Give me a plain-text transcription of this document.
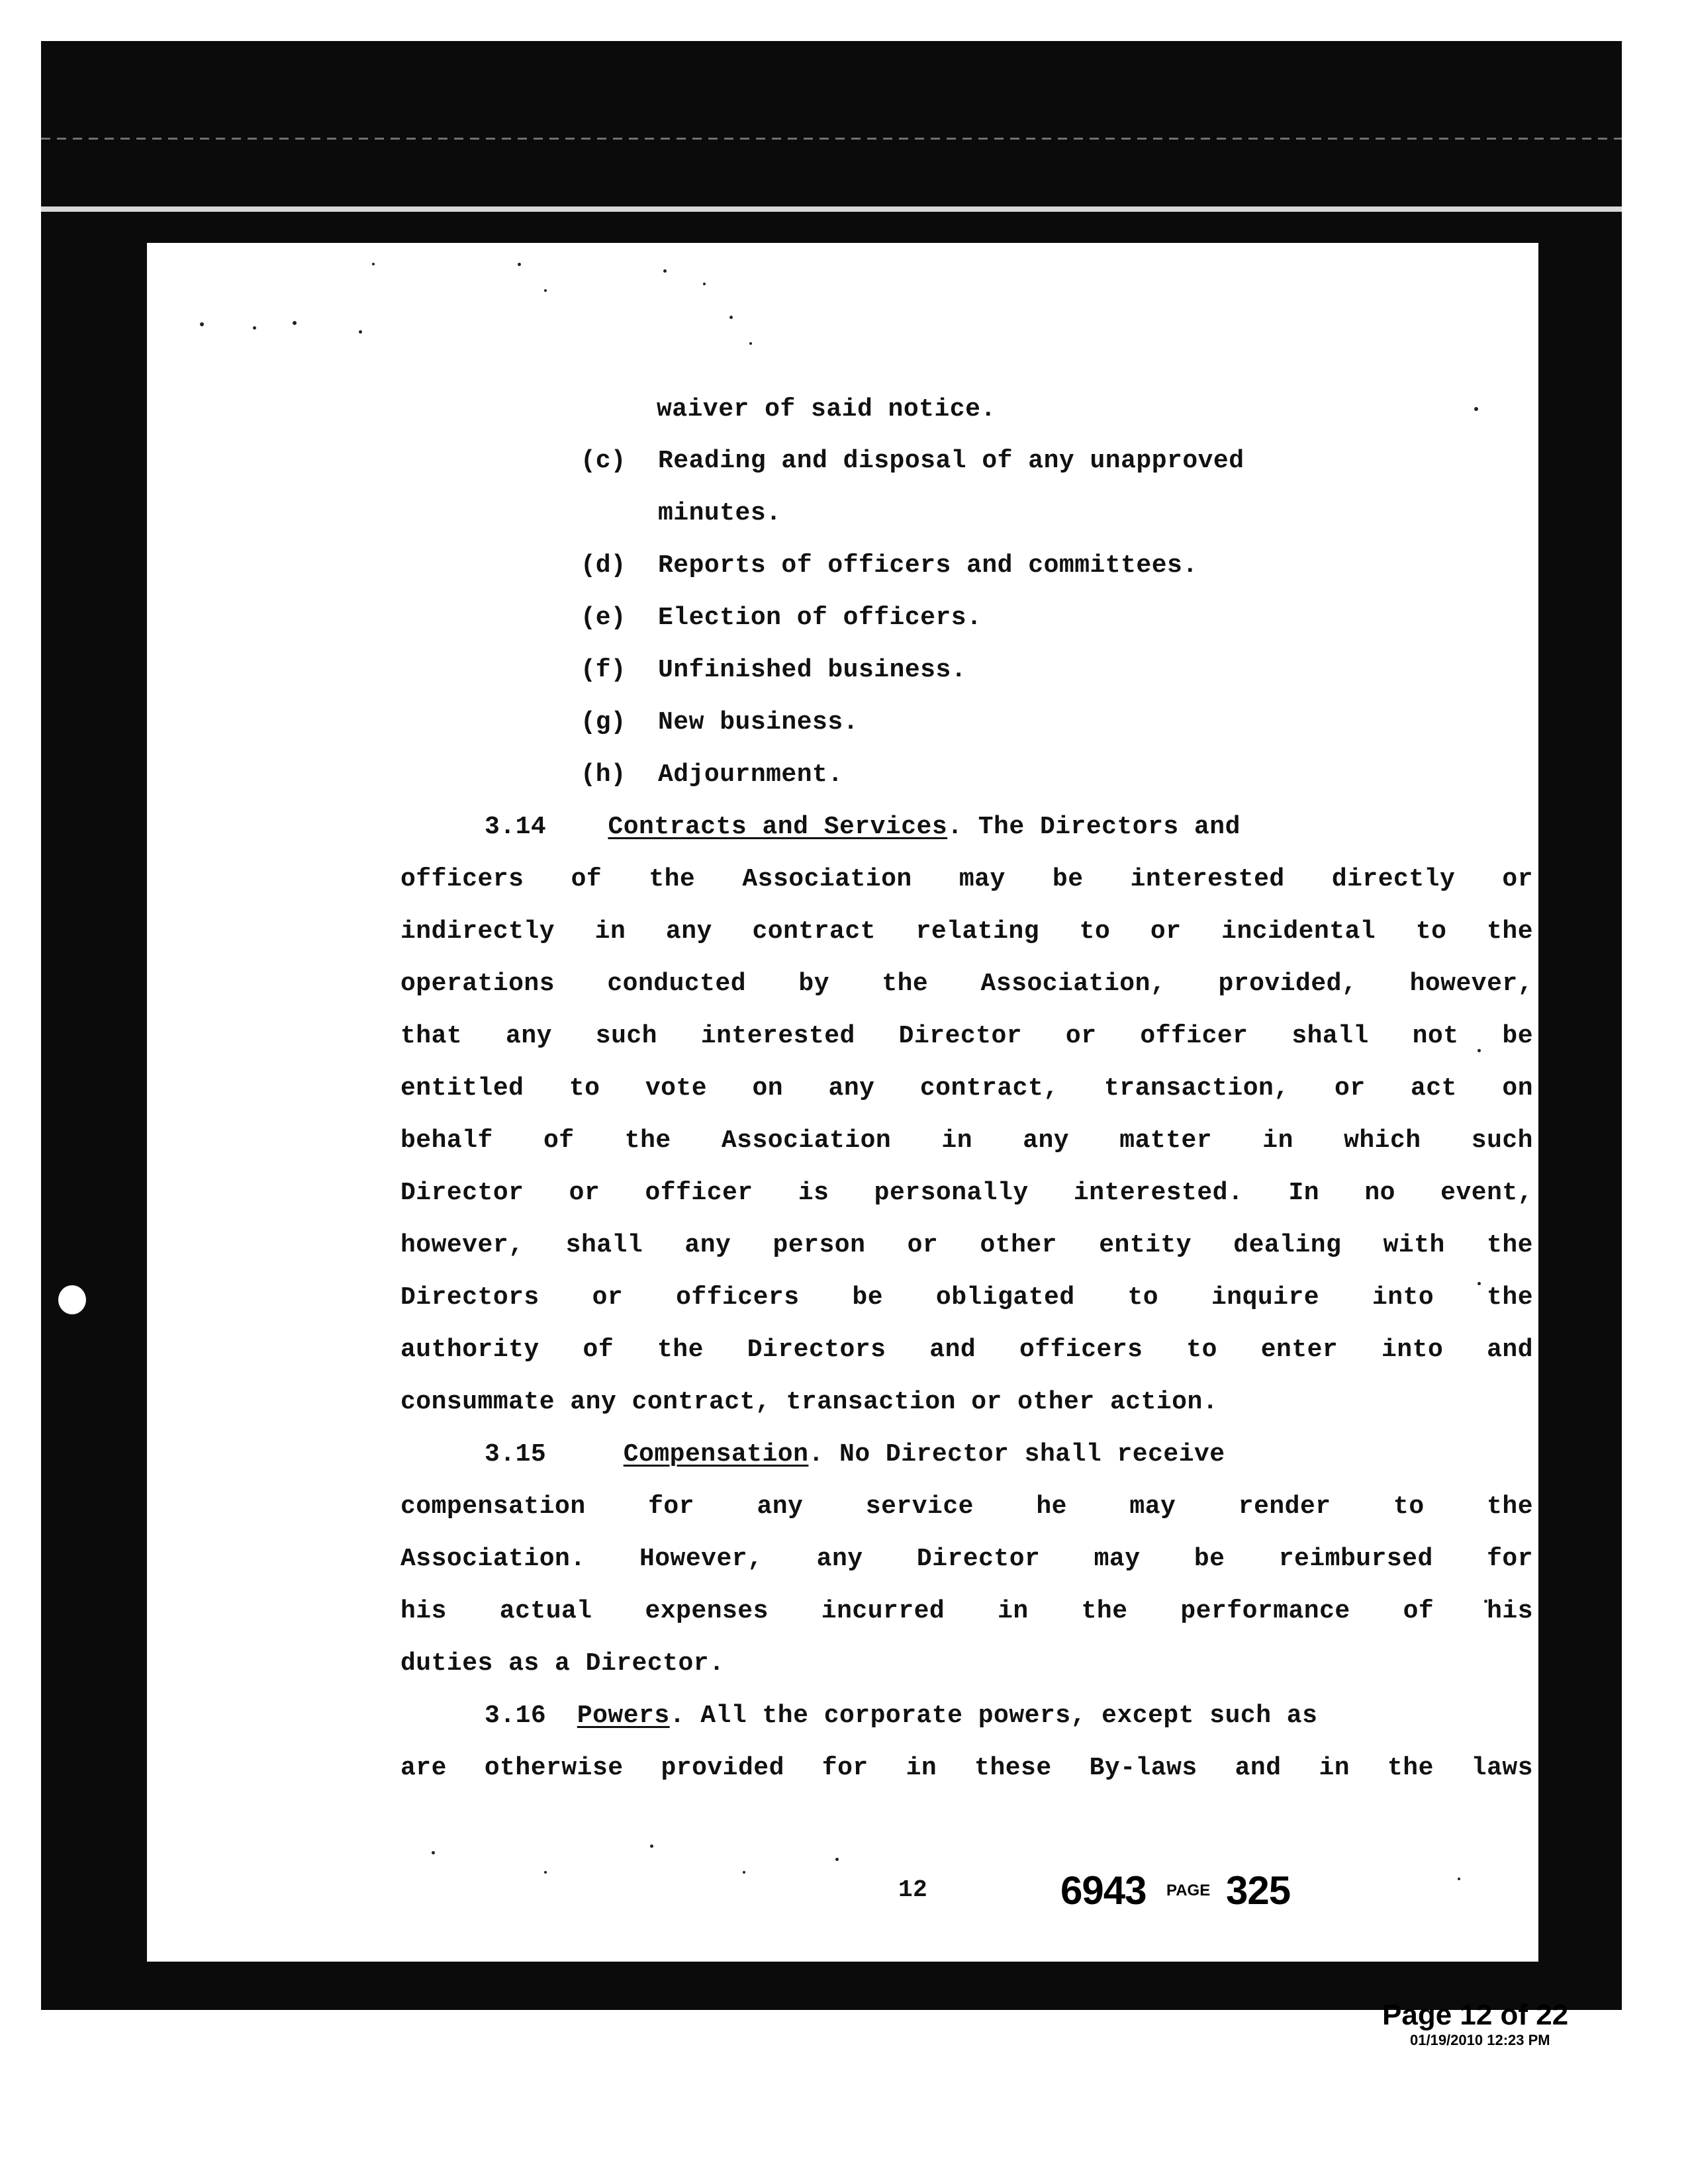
waiver of said notice.
(c) Reading and disposal of any unapproved
minutes.
(d) Reports of officers and committees.
(e) Election of officers.
(f) Unfinished business.
(g) New business.
(h) Adjournment.
3.14 Contracts and Services. The Directors and
officers of the Association may be interested directly or
indirectly in any contract relating to or incidental to the
operations conducted by the Association, provided, however,
that any such interested Director or officer shall not be
entitled to vote on any contract, transaction, or act on
behalf of the Association in any matter in which such
Director or officer is personally interested. In no event,
however, shall any person or other entity dealing with the
Directors or officers be obligated to inquire into the
authority of the Directors and officers to enter into and
consummate any contract, transaction or other action.
3.15	Compensation. No Director shall receive
compensation for any service he may render to the
Association. However, any Director may be reimbursed for
his actual expenses incurred in the performance of his
duties as a Director.
3.16 Powers. All the corporate powers, except such as
are otherwise provided for in these By-laws and in the laws
12	6943 PAGE 325
Page 12 of 22
01/19/2010 12:23 PM
